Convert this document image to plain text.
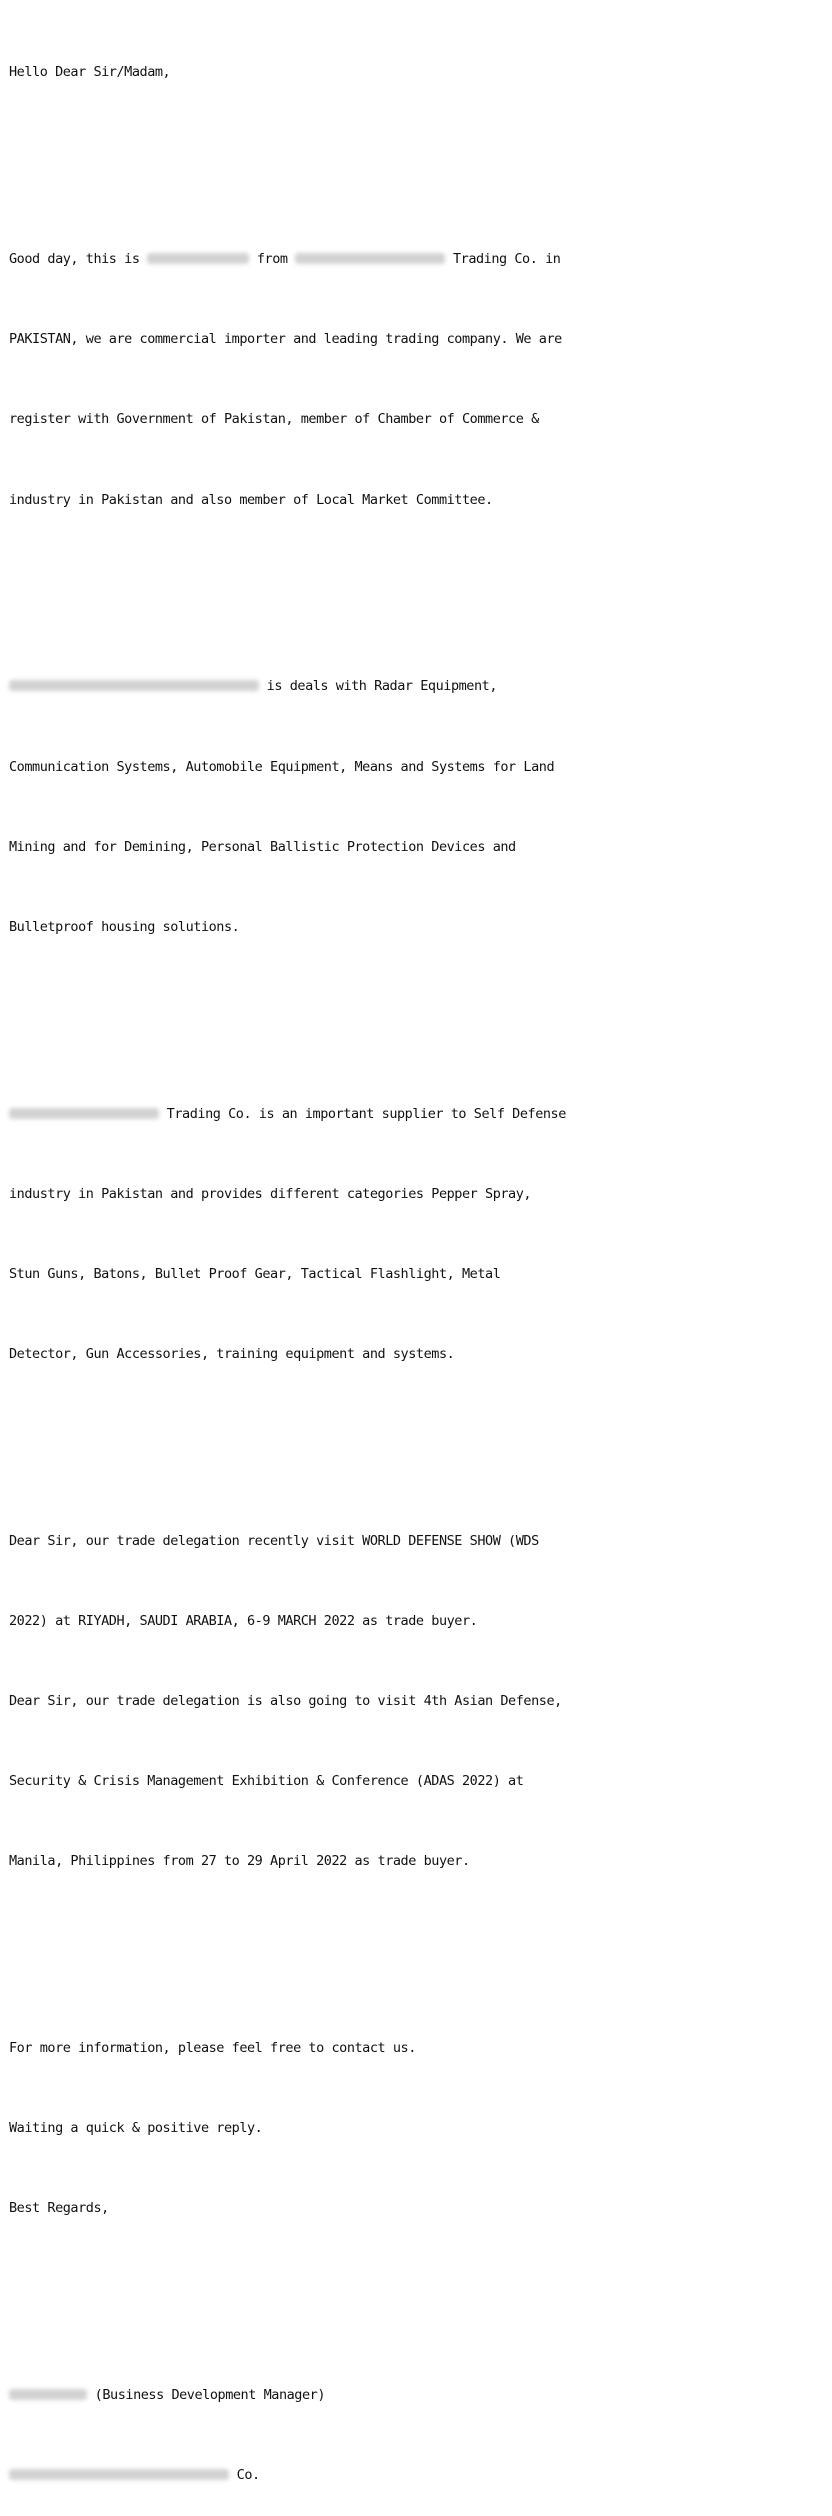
Hello Dear Sir/Madam,

Good day, this is	from	Trading Co. in

PAKISTAN, we are commercial importer and leading trading company. We are

register with Government of Pakistan, member of Chamber of Commerce &

industry in Pakistan and also member of Local Market Committee.

is deals with Radar Equipment,

Communication Systems, Automobile Equipment, Means and Systems for Land

Mining and for Demining, Personal Ballistic Protection Devices and

Bulletproof housing solutions.

Trading Co. is an important supplier to Self Defense

industry in Pakistan and provides different categories Pepper Spray,

Stun Guns, Batons, Bullet Proof Gear, Tactical Flashlight, Metal

Detector, Gun Accessories, training equipment and systems.

Dear Sir, our trade delegation recently visit WORLD DEFENSE SHOW (WDS

2022) at RIYADH, SAUDI ARABIA, 6-9 MARCH 2022 as trade buyer.

Dear Sir, our trade delegation is also going to visit 4th Asian Defense,

Security & Crisis Management Exhibition & Conference (ADAS 2022) at

Manila, Philippines from 27 to 29 April 2022 as trade buyer.

For more information, please feel free to contact us.

Waiting a quick & positive reply.

Best Regards,

(Business Development Manager)

Co.
